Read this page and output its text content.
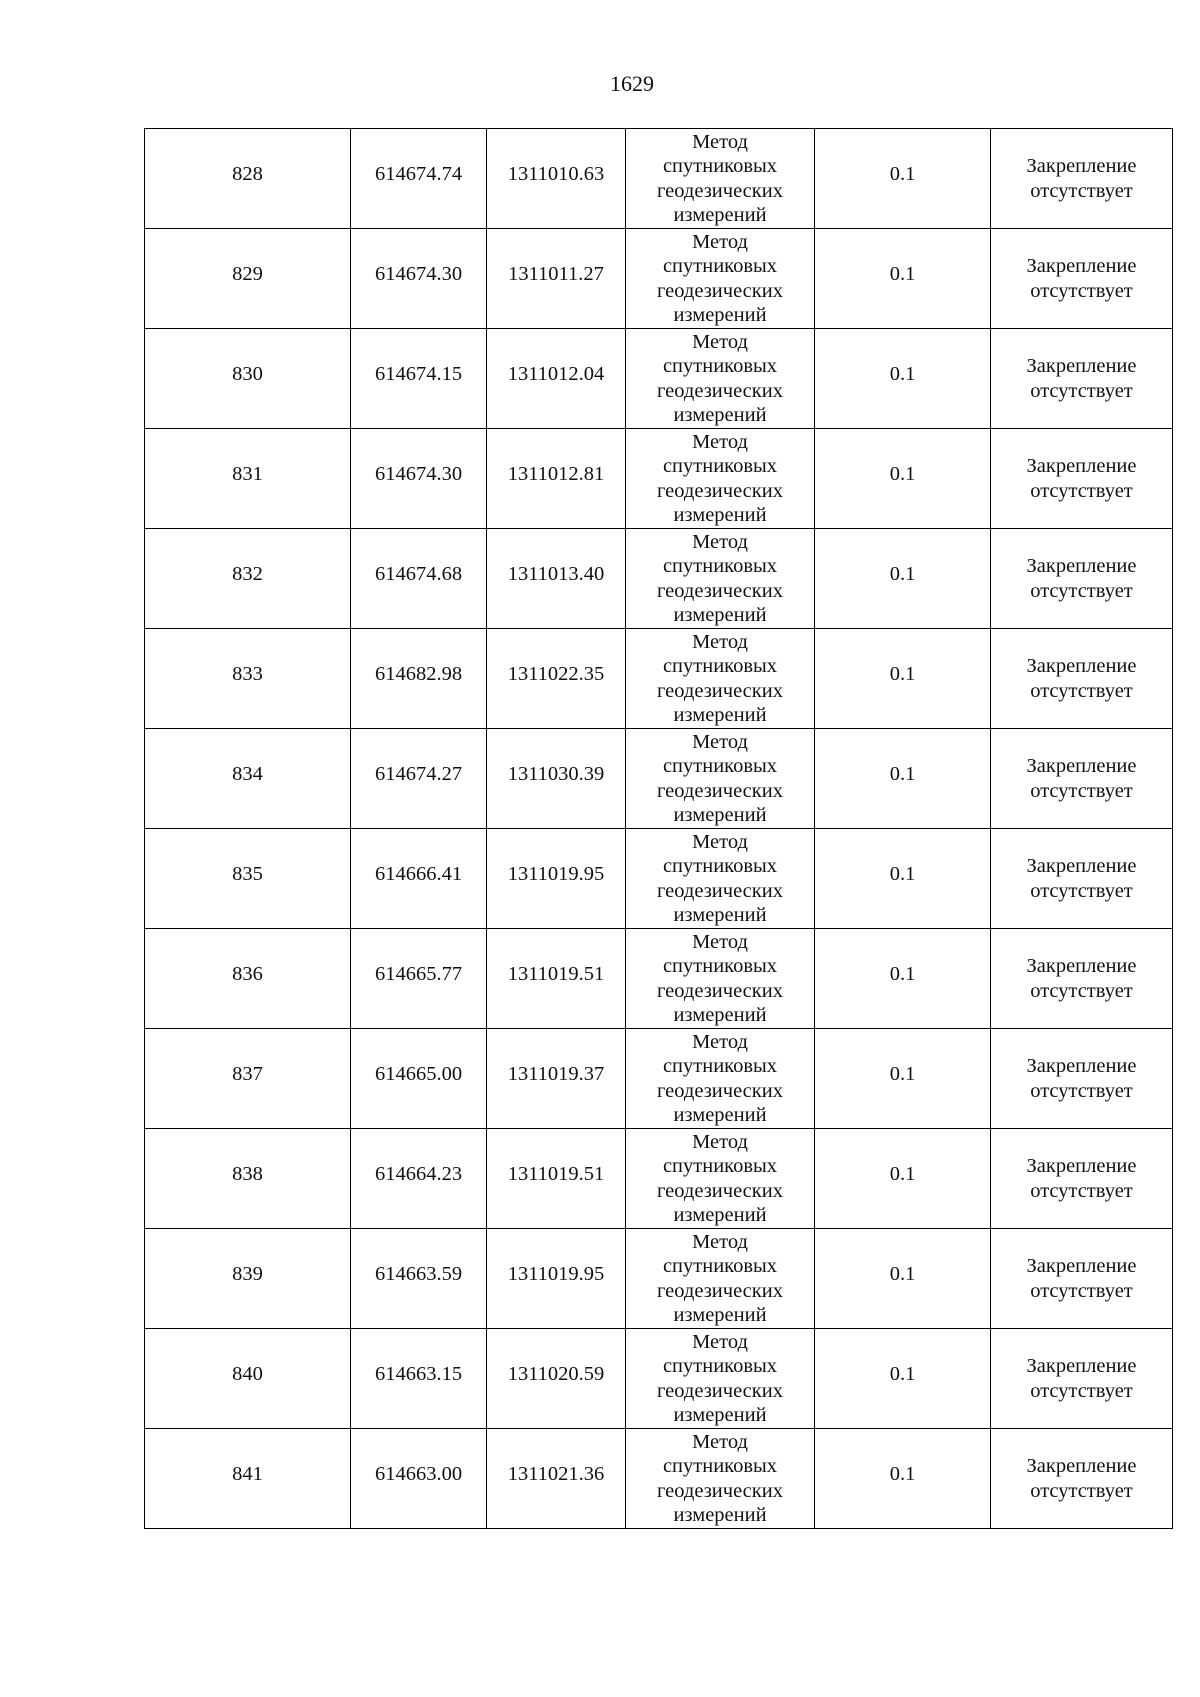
1629
828	614674.74	1311010.63	Метод
спутниковых
геодезических
измерений	0.1	Закрепление
отсутствует
829	614674.30	1311011.27	Метод
спутниковых
геодезических
измерений	0.1	Закрепление
отсутствует
830	614674.15	1311012.04	Метод
спутниковых
геодезических
измерений	0.1	Закрепление
отсутствует
831	614674.30	1311012.81	Метод
спутниковых
геодезических
измерений	0.1	Закрепление
отсутствует
832	614674.68	1311013.40	Метод
спутниковых
геодезических
измерений	0.1	Закрепление
отсутствует
833	614682.98	1311022.35	Метод
спутниковых
геодезических
измерений	0.1	Закрепление
отсутствует
834	614674.27	1311030.39	Метод
спутниковых
геодезических
измерений	0.1	Закрепление
отсутствует
835	614666.41	1311019.95	Метод
спутниковых
геодезических
измерений	0.1	Закрепление
отсутствует
836	614665.77	1311019.51	Метод
спутниковых
геодезических
измерений	0.1	Закрепление
отсутствует
837	614665.00	1311019.37	Метод
спутниковых
геодезических
измерений	0.1	Закрепление
отсутствует
838	614664.23	1311019.51	Метод
спутниковых
геодезических
измерений	0.1	Закрепление
отсутствует
839	614663.59	1311019.95	Метод
спутниковых
геодезических
измерений	0.1	Закрепление
отсутствует
840	614663.15	1311020.59	Метод
спутниковых
геодезических
измерений	0.1	Закрепление
отсутствует
841	614663.00	1311021.36	Метод
спутниковых
геодезических
измерений	0.1	Закрепление
отсутствует
